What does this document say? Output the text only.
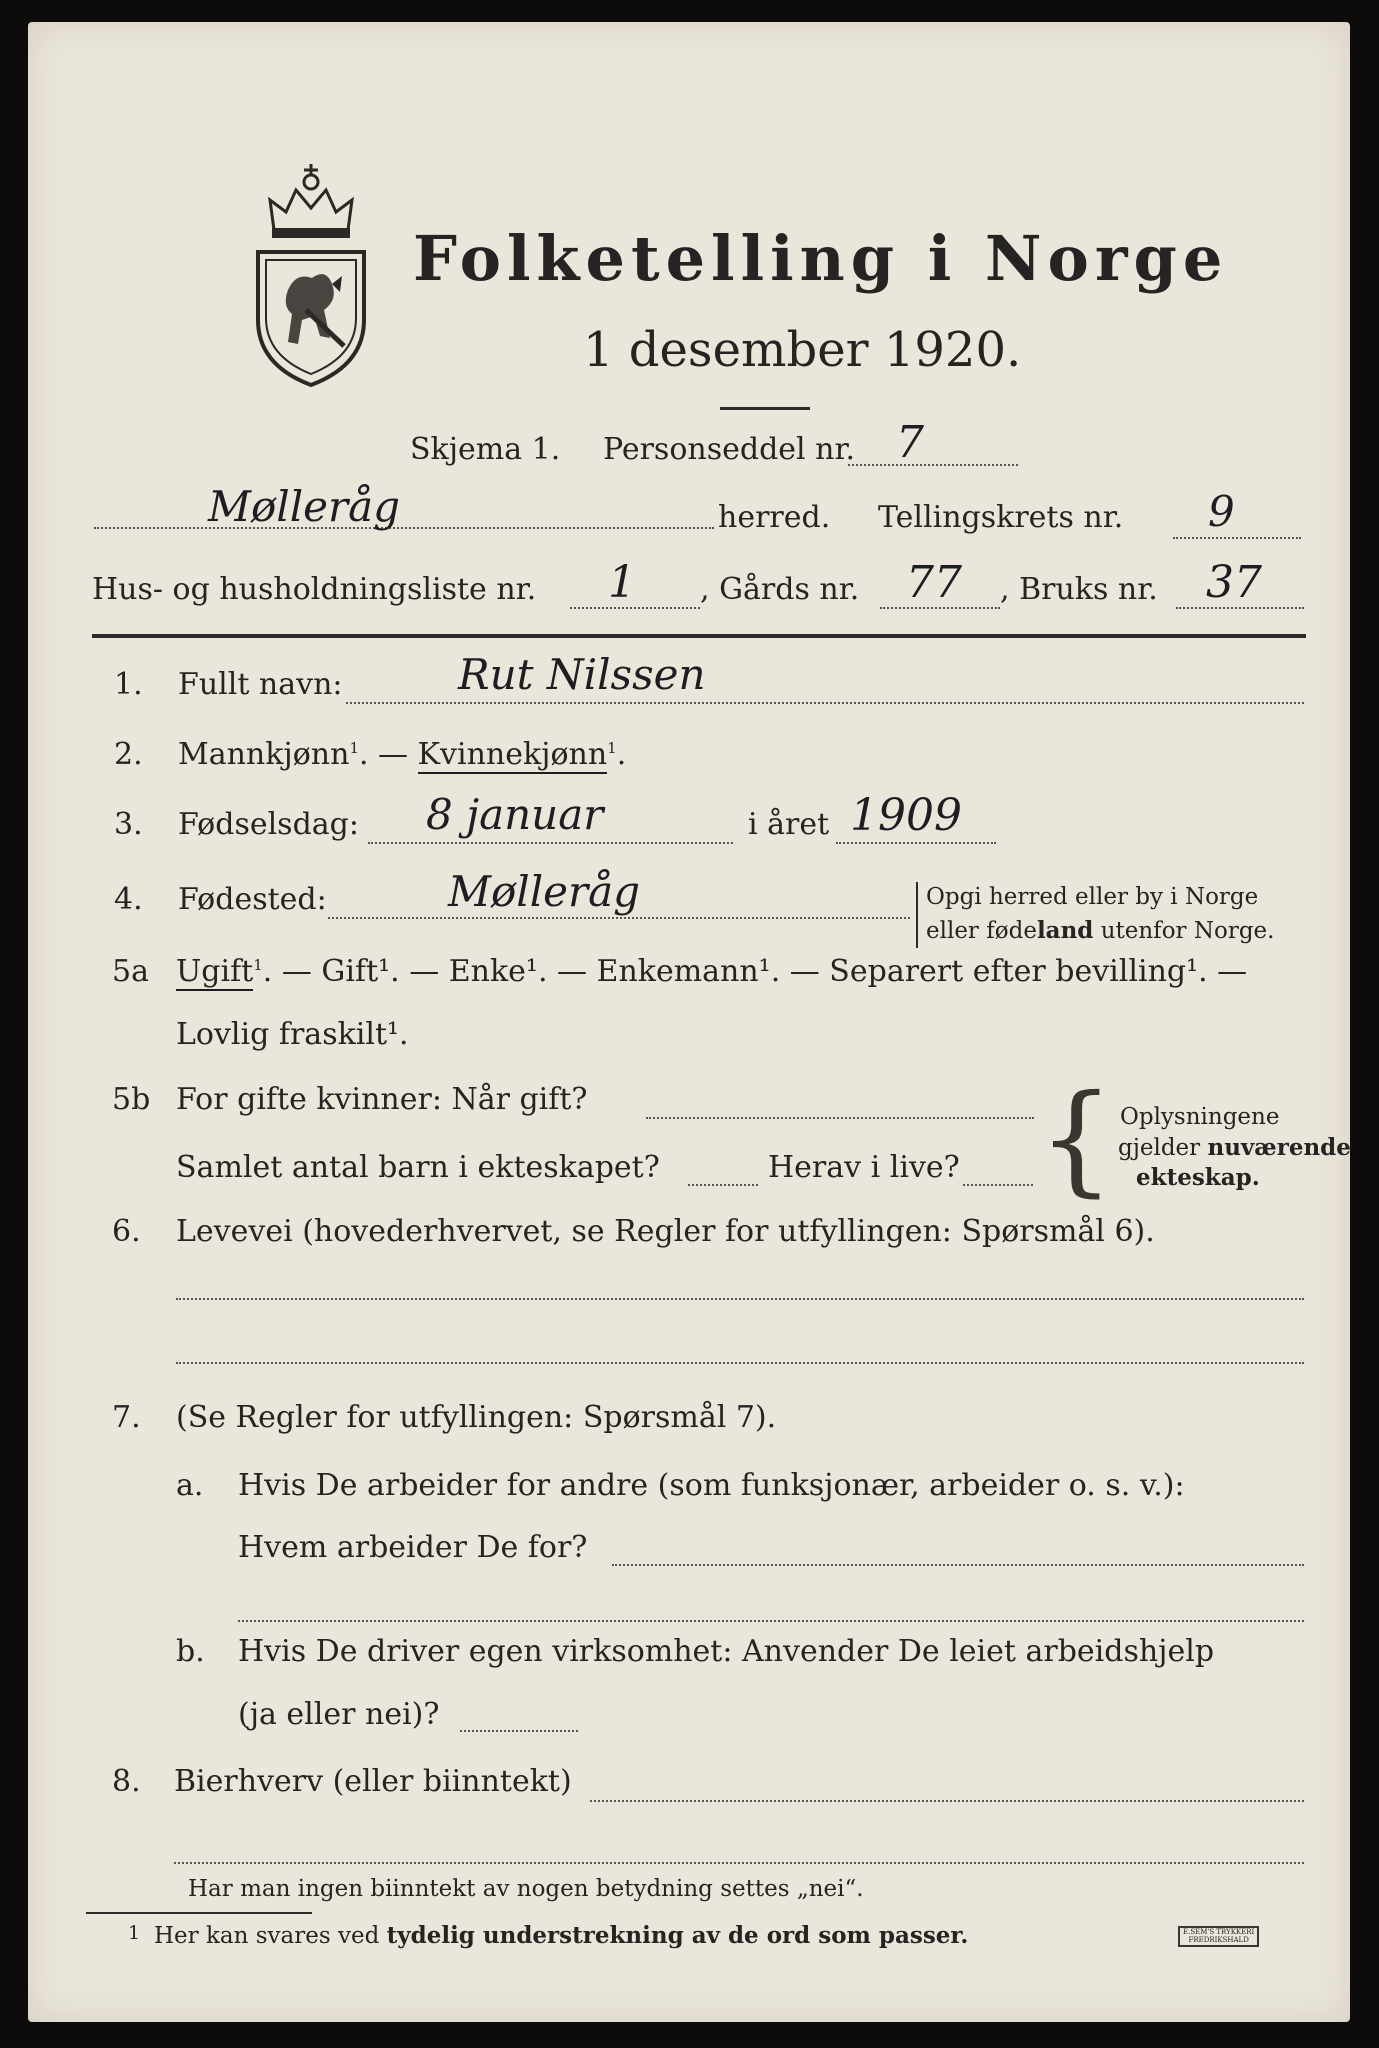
Folketelling i Norge
1 desember 1920.
Skjema 1. Personseddel nr. 7
Mølleråg	herred. Tellingskrets nr. 9
Hus- og husholdningsliste nr. 1 , Gårds nr. 77 , Bruks nr. 37
1. Fullt navn:	Rut Nilssen
2. Mannkjønn$^1$. — Kvinnekjønn$^1$.
3. Fødselsdag: 8 januar	i året 1909
4. Fødested:	Mølleråg	Opgi herred eller by i Norge
eller fødeland utenfor Norge.
5a Ugift$^1$. — Gift¹. — Enke¹. — Enkemann¹. — Separert efter bevilling¹. —
Lovlig fraskilt¹.
5b For gifte kvinner: Når gift?
Samlet antal barn i ekteskapet?	Herav i live? { Oplysningene
gjelder nuværende
ekteskap.
6. Levevei (hovederhvervet, se Regler for utfyllingen: Spørsmål 6).
7. (Se Regler for utfyllingen: Spørsmål 7).
a. Hvis De arbeider for andre (som funksjonær, arbeider o. s. v.):
Hvem arbeider De for?
b. Hvis De driver egen virksomhet: Anvender De leiet arbeidshjelp
(ja eller nei)?
8. Bierhverv (eller biinntekt)
Har man ingen biinntekt av nogen betydning settes „nei“.
1 Her kan svares ved tydelig understrekning av de ord som passer.	E.SEM'S TRYKKERI
FREDRIKSHALD
